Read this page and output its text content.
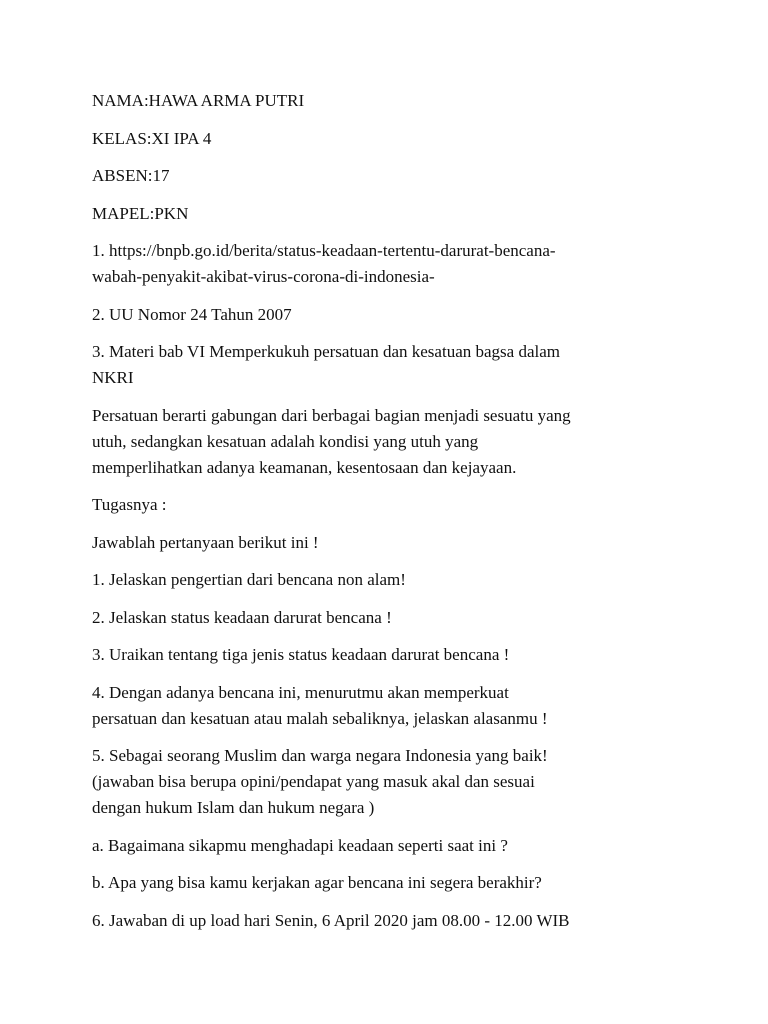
NAMA:HAWA ARMA PUTRI

KELAS:XI IPA 4

ABSEN:17

MAPEL:PKN

1. https://bnpb.go.id/berita/status-keadaan-tertentu-darurat-bencana-
wabah-penyakit-akibat-virus-corona-di-indonesia-

2. UU Nomor 24 Tahun 2007

3. Materi bab VI Memperkukuh persatuan dan kesatuan bagsa dalam
NKRI

Persatuan berarti gabungan dari berbagai bagian menjadi sesuatu yang
utuh, sedangkan kesatuan adalah kondisi yang utuh yang
memperlihatkan adanya keamanan, kesentosaan dan kejayaan.

Tugasnya :

Jawablah pertanyaan berikut ini !

1. Jelaskan pengertian dari bencana non alam!

2. Jelaskan status keadaan darurat bencana !

3. Uraikan tentang tiga jenis status keadaan darurat bencana !

4. Dengan adanya bencana ini, menurutmu akan memperkuat
persatuan dan kesatuan atau malah sebaliknya, jelaskan alasanmu !

5. Sebagai seorang Muslim dan warga negara Indonesia yang baik!
(jawaban bisa berupa opini/pendapat yang masuk akal dan sesuai
dengan hukum Islam dan hukum negara )

a. Bagaimana sikapmu menghadapi keadaan seperti saat ini ?

b. Apa yang bisa kamu kerjakan agar bencana ini segera berakhir?

6. Jawaban di up load hari Senin, 6 April 2020 jam 08.00 - 12.00 WIB
